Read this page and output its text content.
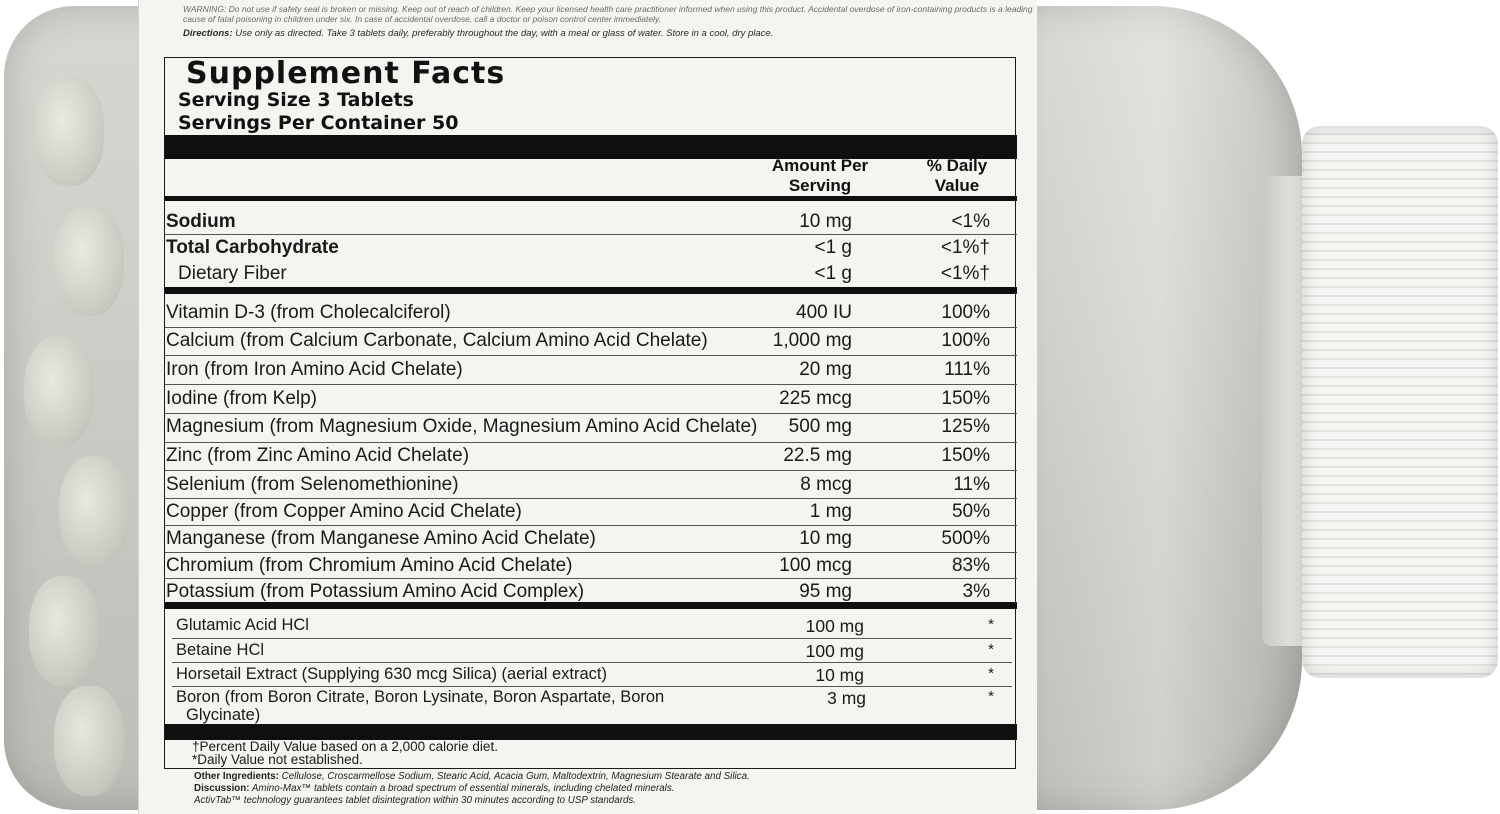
WARNING: Do not use if safety seal is broken or missing. Keep out of reach of children. Keep your licensed health care practitioner informed when using this product. Accidental overdose of iron-containing products is a leading cause of fatal poisoning in children under six. In case of accidental overdose, call a doctor or poison control center immediately.
Directions: Use only as directed. Take 3 tablets daily, preferably throughout the day, with a meal or glass of water. Store in a cool, dry place.
Supplement Facts
Serving Size 3 Tablets
Servings Per Container 50
Amount Per Serving
% Daily Value
Sodium	10 mg	<1%
Total Carbohydrate	<1 g	<1%†
Dietary Fiber	<1 g	<1%†
Vitamin D-3 (from Cholecalciferol)	400 IU	100%
Calcium (from Calcium Carbonate, Calcium Amino Acid Chelate)	1,000 mg	100%
Iron (from Iron Amino Acid Chelate)	20 mg	111%
Iodine (from Kelp)	225 mcg	150%
Magnesium (from Magnesium Oxide, Magnesium Amino Acid Chelate) 500 mg	125%
Zinc (from Zinc Amino Acid Chelate)	22.5 mg	150%
Selenium (from Selenomethionine)	8 mcg	11%
Copper (from Copper Amino Acid Chelate)	1 mg	50%
Manganese (from Manganese Amino Acid Chelate)	10 mg	500%
Chromium (from Chromium Amino Acid Chelate)	100 mcg	83%
Potassium (from Potassium Amino Acid Complex)	95 mg	3%
Glutamic Acid HCl	100 mg	*
Betaine HCl	100 mg	*
Horsetail Extract (Supplying 630 mcg Silica) (aerial extract)	10 mg	*
Boron (from Boron Citrate, Boron Lysinate, Boron Aspartate, Boron
Glycinate)
3 mg	*
†Percent Daily Value based on a 2,000 calorie diet.
*Daily Value not established.
Other Ingredients: Cellulose, Croscarmellose Sodium, Stearic Acid, Acacia Gum, Maltodextrin, Magnesium Stearate and Silica.
Discussion: Amino-Max™ tablets contain a broad spectrum of essential minerals, including chelated minerals.
ActivTab™ technology guarantees tablet disintegration within 30 minutes according to USP standards.
